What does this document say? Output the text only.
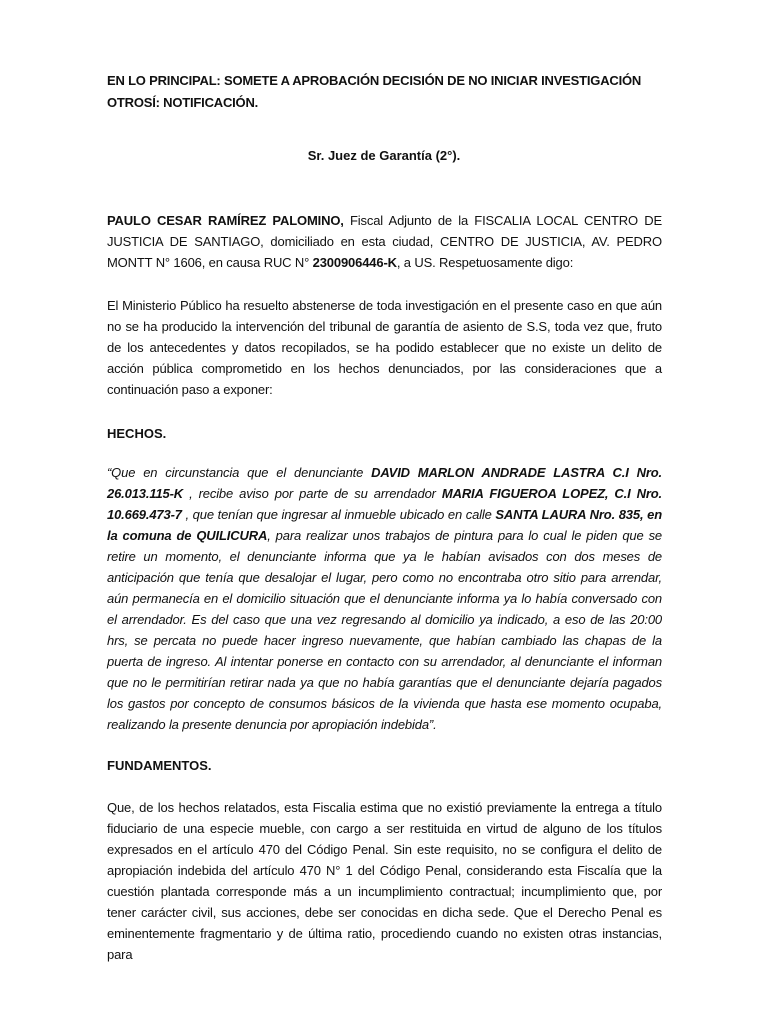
EN LO PRINCIPAL: SOMETE A APROBACIÓN DECISIÓN DE NO INICIAR INVESTIGACIÓN
OTROSÍ: NOTIFICACIÓN.
Sr. Juez de Garantía (2°).
PAULO CESAR RAMÍREZ PALOMINO, Fiscal Adjunto de la FISCALIA LOCAL CENTRO DE JUSTICIA DE SANTIAGO, domiciliado en esta ciudad, CENTRO DE JUSTICIA, AV. PEDRO MONTT N° 1606, en causa RUC N° 2300906446-K, a US. Respetuosamente digo:
El Ministerio Público ha resuelto abstenerse de toda investigación en el presente caso en que aún no se ha producido la intervención del tribunal de garantía de asiento de S.S, toda vez que, fruto de los antecedentes y datos recopilados, se ha podido establecer que no existe un delito de acción pública comprometido en los hechos denunciados, por las consideraciones que a continuación paso a exponer:
HECHOS.
“Que en circunstancia que el denunciante DAVID MARLON ANDRADE LASTRA C.I Nro. 26.013.115-K , recibe aviso por parte de su arrendador MARIA FIGUEROA LOPEZ, C.I Nro. 10.669.473-7 , que tenían que ingresar al inmueble ubicado en calle SANTA LAURA Nro. 835, en la comuna de QUILICURA, para realizar unos trabajos de pintura para lo cual le piden que se retire un momento, el denunciante informa que ya le habían avisados con dos meses de anticipación que tenía que desalojar el lugar, pero como no encontraba otro sitio para arrendar, aún permanecía en el domicilio situación que el denunciante informa ya lo había conversado con el arrendador. Es del caso que una vez regresando al domicilio ya indicado, a eso de las 20:00 hrs, se percata no puede hacer ingreso nuevamente, que habían cambiado las chapas de la puerta de ingreso. Al intentar ponerse en contacto con su arrendador, al denunciante el informan que no le permitirían retirar nada ya que no había garantías que el denunciante dejaría pagados los gastos por concepto de consumos básicos de la vivienda que hasta ese momento ocupaba, realizando la presente denuncia por apropiación indebida”.
FUNDAMENTOS.
Que, de los hechos relatados, esta Fiscalia estima que no existió previamente la entrega a título fiduciario de una especie mueble, con cargo a ser restituida en virtud de alguno de los títulos expresados en el artículo 470 del Código Penal. Sin este requisito, no se configura el delito de apropiación indebida del artículo 470 N° 1 del Código Penal, considerando esta Fiscalía que la cuestión plantada corresponde más a un incumplimiento contractual; incumplimiento que, por tener carácter civil, sus acciones, debe ser conocidas en dicha sede. Que el Derecho Penal es eminentemente fragmentario y de última ratio, procediendo cuando no existen otras instancias, para
